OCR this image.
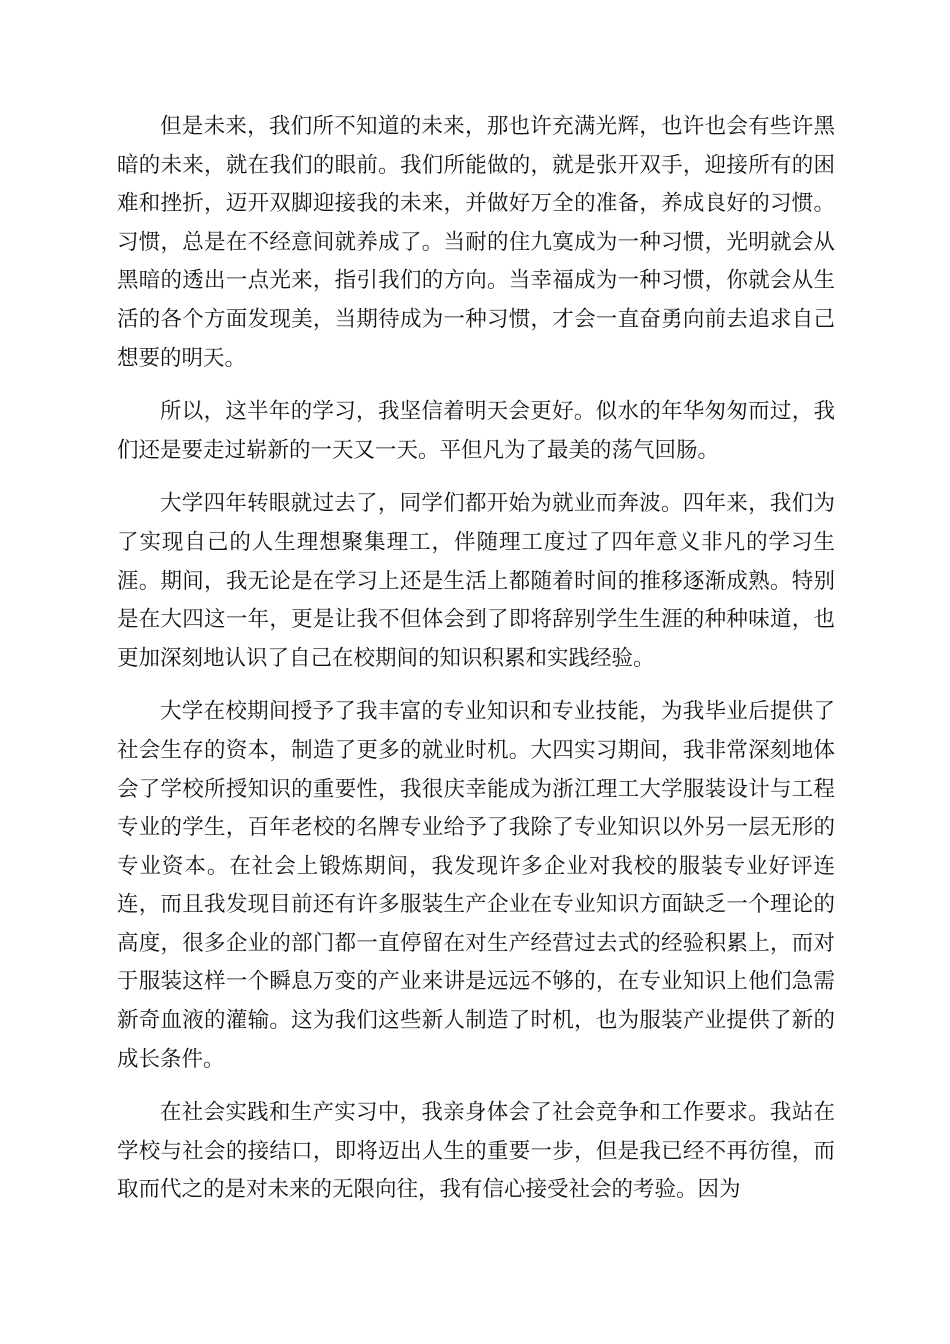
但是未来，我们所不知道的未来，那也许充满光辉，也许也会有些许黑暗的未来，就在我们的眼前。我们所能做的，就是张开双手，迎接所有的困难和挫折，迈开双脚迎接我的未来，并做好万全的准备，养成良好的习惯。习惯，总是在不经意间就养成了。当耐的住九寞成为一种习惯，光明就会从黑暗的透出一点光来，指引我们的方向。当幸福成为一种习惯，你就会从生活的各个方面发现美，当期待成为一种习惯，才会一直奋勇向前去追求自己想要的明天。

所以，这半年的学习，我坚信着明天会更好。似水的年华匆匆而过，我们还是要走过崭新的一天又一天。平但凡为了最美的荡气回肠。

大学四年转眼就过去了，同学们都开始为就业而奔波。四年来，我们为了实现自己的人生理想聚集理工，伴随理工度过了四年意义非凡的学习生涯。期间，我无论是在学习上还是生活上都随着时间的推移逐渐成熟。特别是在大四这一年，更是让我不但体会到了即将辞别学生生涯的种种味道，也更加深刻地认识了自己在校期间的知识积累和实践经验。

大学在校期间授予了我丰富的专业知识和专业技能，为我毕业后提供了社会生存的资本，制造了更多的就业时机。大四实习期间，我非常深刻地体会了学校所授知识的重要性，我很庆幸能成为浙江理工大学服装设计与工程专业的学生，百年老校的名牌专业给予了我除了专业知识以外另一层无形的专业资本。在社会上锻炼期间，我发现许多企业对我校的服装专业好评连连，而且我发现目前还有许多服装生产企业在专业知识方面缺乏一个理论的高度，很多企业的部门都一直停留在对生产经营过去式的经验积累上，而对于服装这样一个瞬息万变的产业来讲是远远不够的，在专业知识上他们急需新奇血液的灌输。这为我们这些新人制造了时机，也为服装产业提供了新的成长条件。

在社会实践和生产实习中，我亲身体会了社会竞争和工作要求。我站在学校与社会的接结口，即将迈出人生的重要一步，但是我已经不再彷徨，而取而代之的是对未来的无限向往，我有信心接受社会的考验。因为
